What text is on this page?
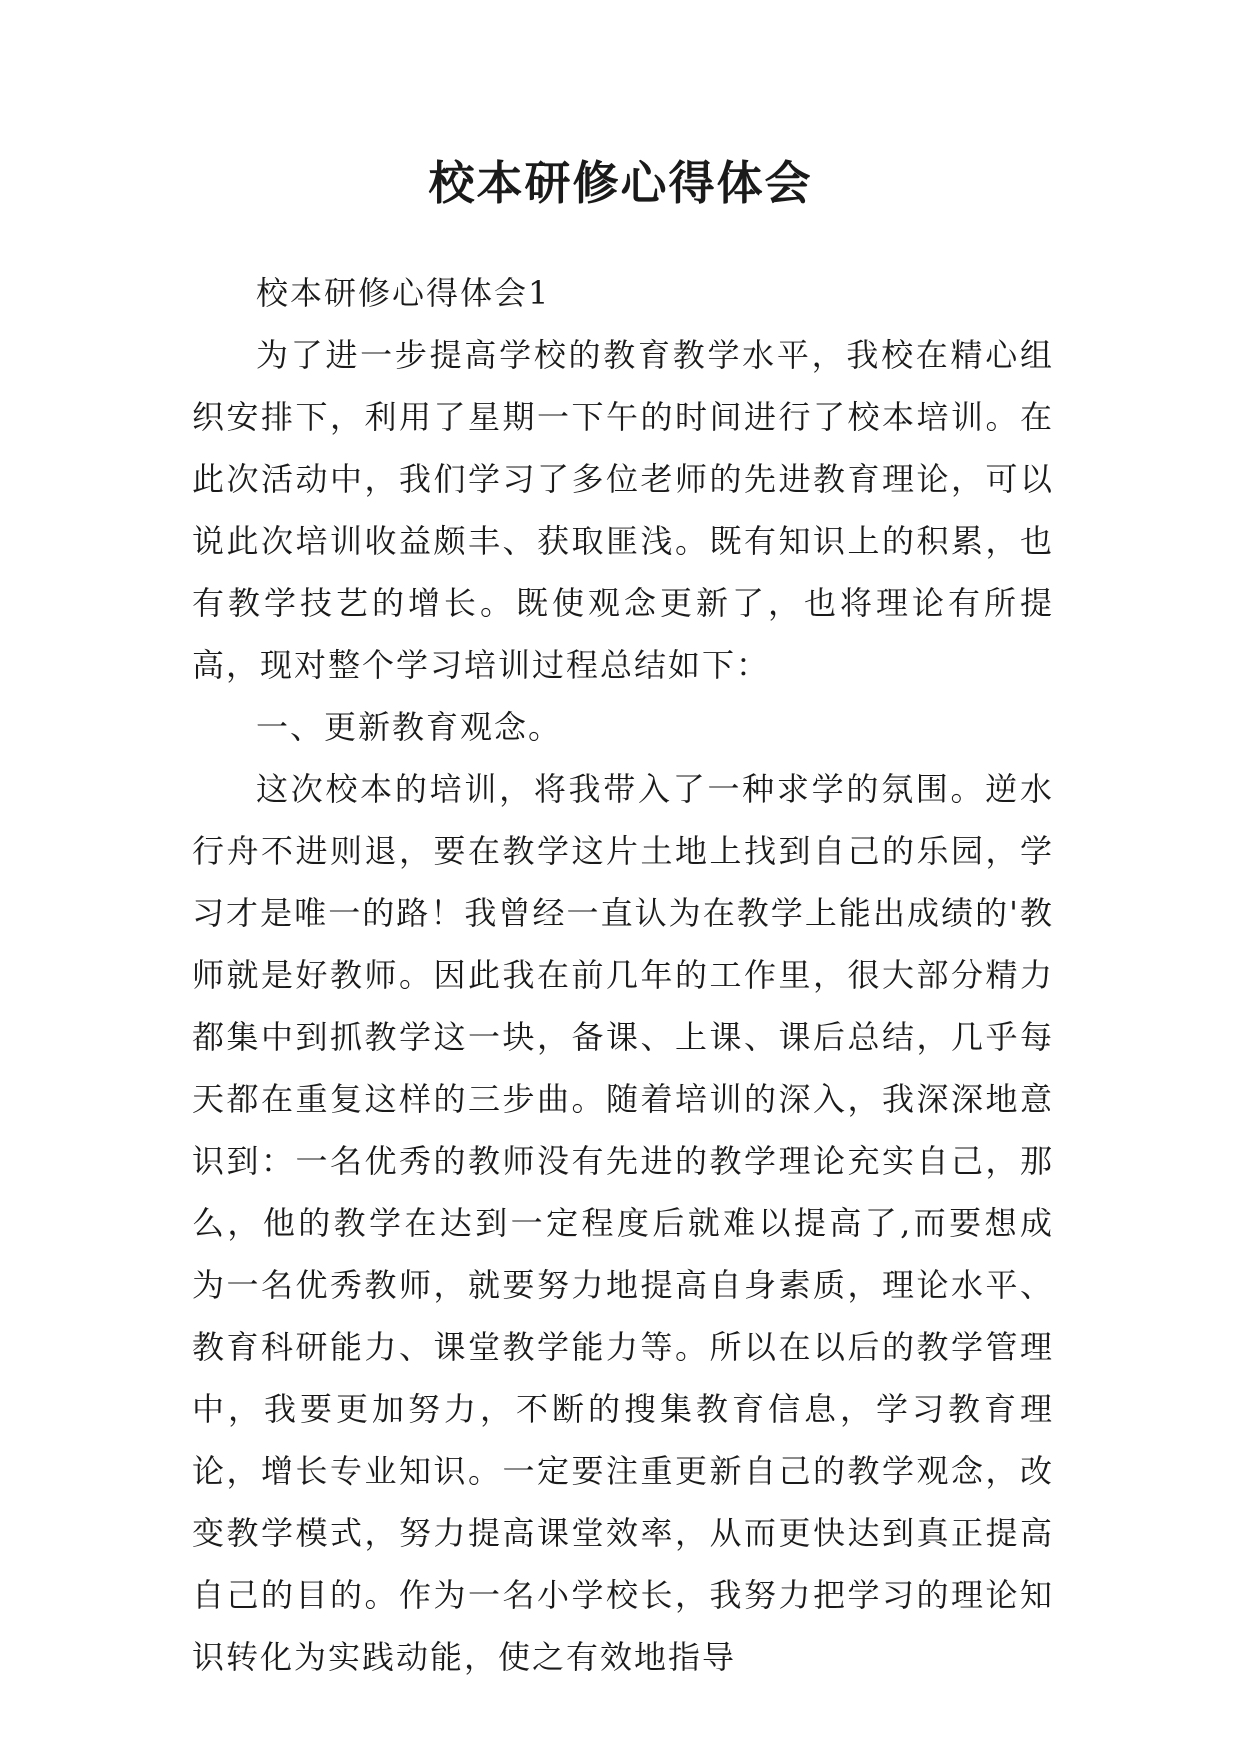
校本研修心得体会

校本研修心得体会1

为了进一步提高学校的教育教学水平，我校在精心组织安排下，利用了星期一下午的时间进行了校本培训。在此次活动中，我们学习了多位老师的先进教育理论，可以说此次培训收益颇丰、获取匪浅。既有知识上的积累，也有教学技艺的增长。既使观念更新了，也将理论有所提高，现对整个学习培训过程总结如下：

一、更新教育观念。

这次校本的培训，将我带入了一种求学的氛围。逆水行舟不进则退，要在教学这片土地上找到自己的乐园，学习才是唯一的路！我曾经一直认为在教学上能出成绩的'教师就是好教师。因此我在前几年的工作里，很大部分精力都集中到抓教学这一块，备课、上课、课后总结，几乎每天都在重复这样的三步曲。随着培训的深入，我深深地意识到：一名优秀的教师没有先进的教学理论充实自己，那么，他的教学在达到一定程度后就难以提高了,而要想成为一名优秀教师，就要努力地提高自身素质，理论水平、教育科研能力、课堂教学能力等。所以在以后的教学管理中，我要更加努力，不断的搜集教育信息，学习教育理论，增长专业知识。一定要注重更新自己的教学观念，改变教学模式，努力提高课堂效率，从而更快达到真正提高自己的目的。作为一名小学校长，我努力把学习的理论知识转化为实践动能，使之有效地指导
